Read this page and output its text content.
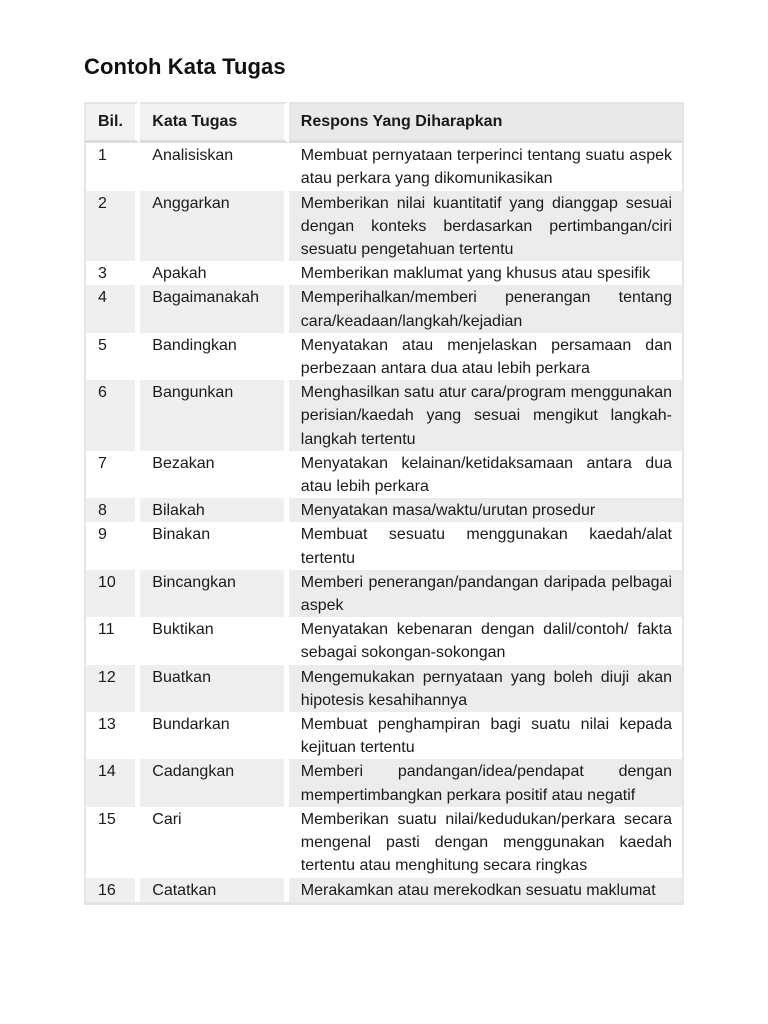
Contoh Kata Tugas
Bil.	Kata Tugas	Respons Yang Diharapkan
1	Analisiskan	Membuat pernyataan terperinci tentang suatu aspek atau perkara yang dikomunikasikan
2	Anggarkan	Memberikan nilai kuantitatif yang dianggap sesuai dengan konteks berdasarkan pertimbangan/ciri sesuatu pengetahuan tertentu
3	Apakah	Memberikan maklumat yang khusus atau spesifik
4	Bagaimanakah	Memperihalkan/memberi penerangan tentang cara/keadaan/langkah/kejadian
5	Bandingkan	Menyatakan atau menjelaskan persamaan dan perbezaan antara dua atau lebih perkara
6	Bangunkan	Menghasilkan satu atur cara/program menggunakan perisian/kaedah yang sesuai mengikut langkah-langkah tertentu
7	Bezakan	Menyatakan kelainan/ketidaksamaan antara dua atau lebih perkara
8	Bilakah	Menyatakan masa/waktu/urutan prosedur
9	Binakan	Membuat sesuatu menggunakan kaedah/alat tertentu
10	Bincangkan	Memberi penerangan/pandangan daripada pelbagai aspek
11	Buktikan	Menyatakan kebenaran dengan dalil/contoh/ fakta sebagai sokongan-sokongan
12	Buatkan	Mengemukakan pernyataan yang boleh diuji akan hipotesis kesahihannya
13	Bundarkan	Membuat penghampiran bagi suatu nilai kepada kejituan tertentu
14	Cadangkan	Memberi pandangan/idea/pendapat dengan mempertimbangkan perkara positif atau negatif
15	Cari	Memberikan suatu nilai/kedudukan/perkara secara mengenal pasti dengan menggunakan kaedah tertentu atau menghitung secara ringkas
16	Catatkan	Merakamkan atau merekodkan sesuatu maklumat
